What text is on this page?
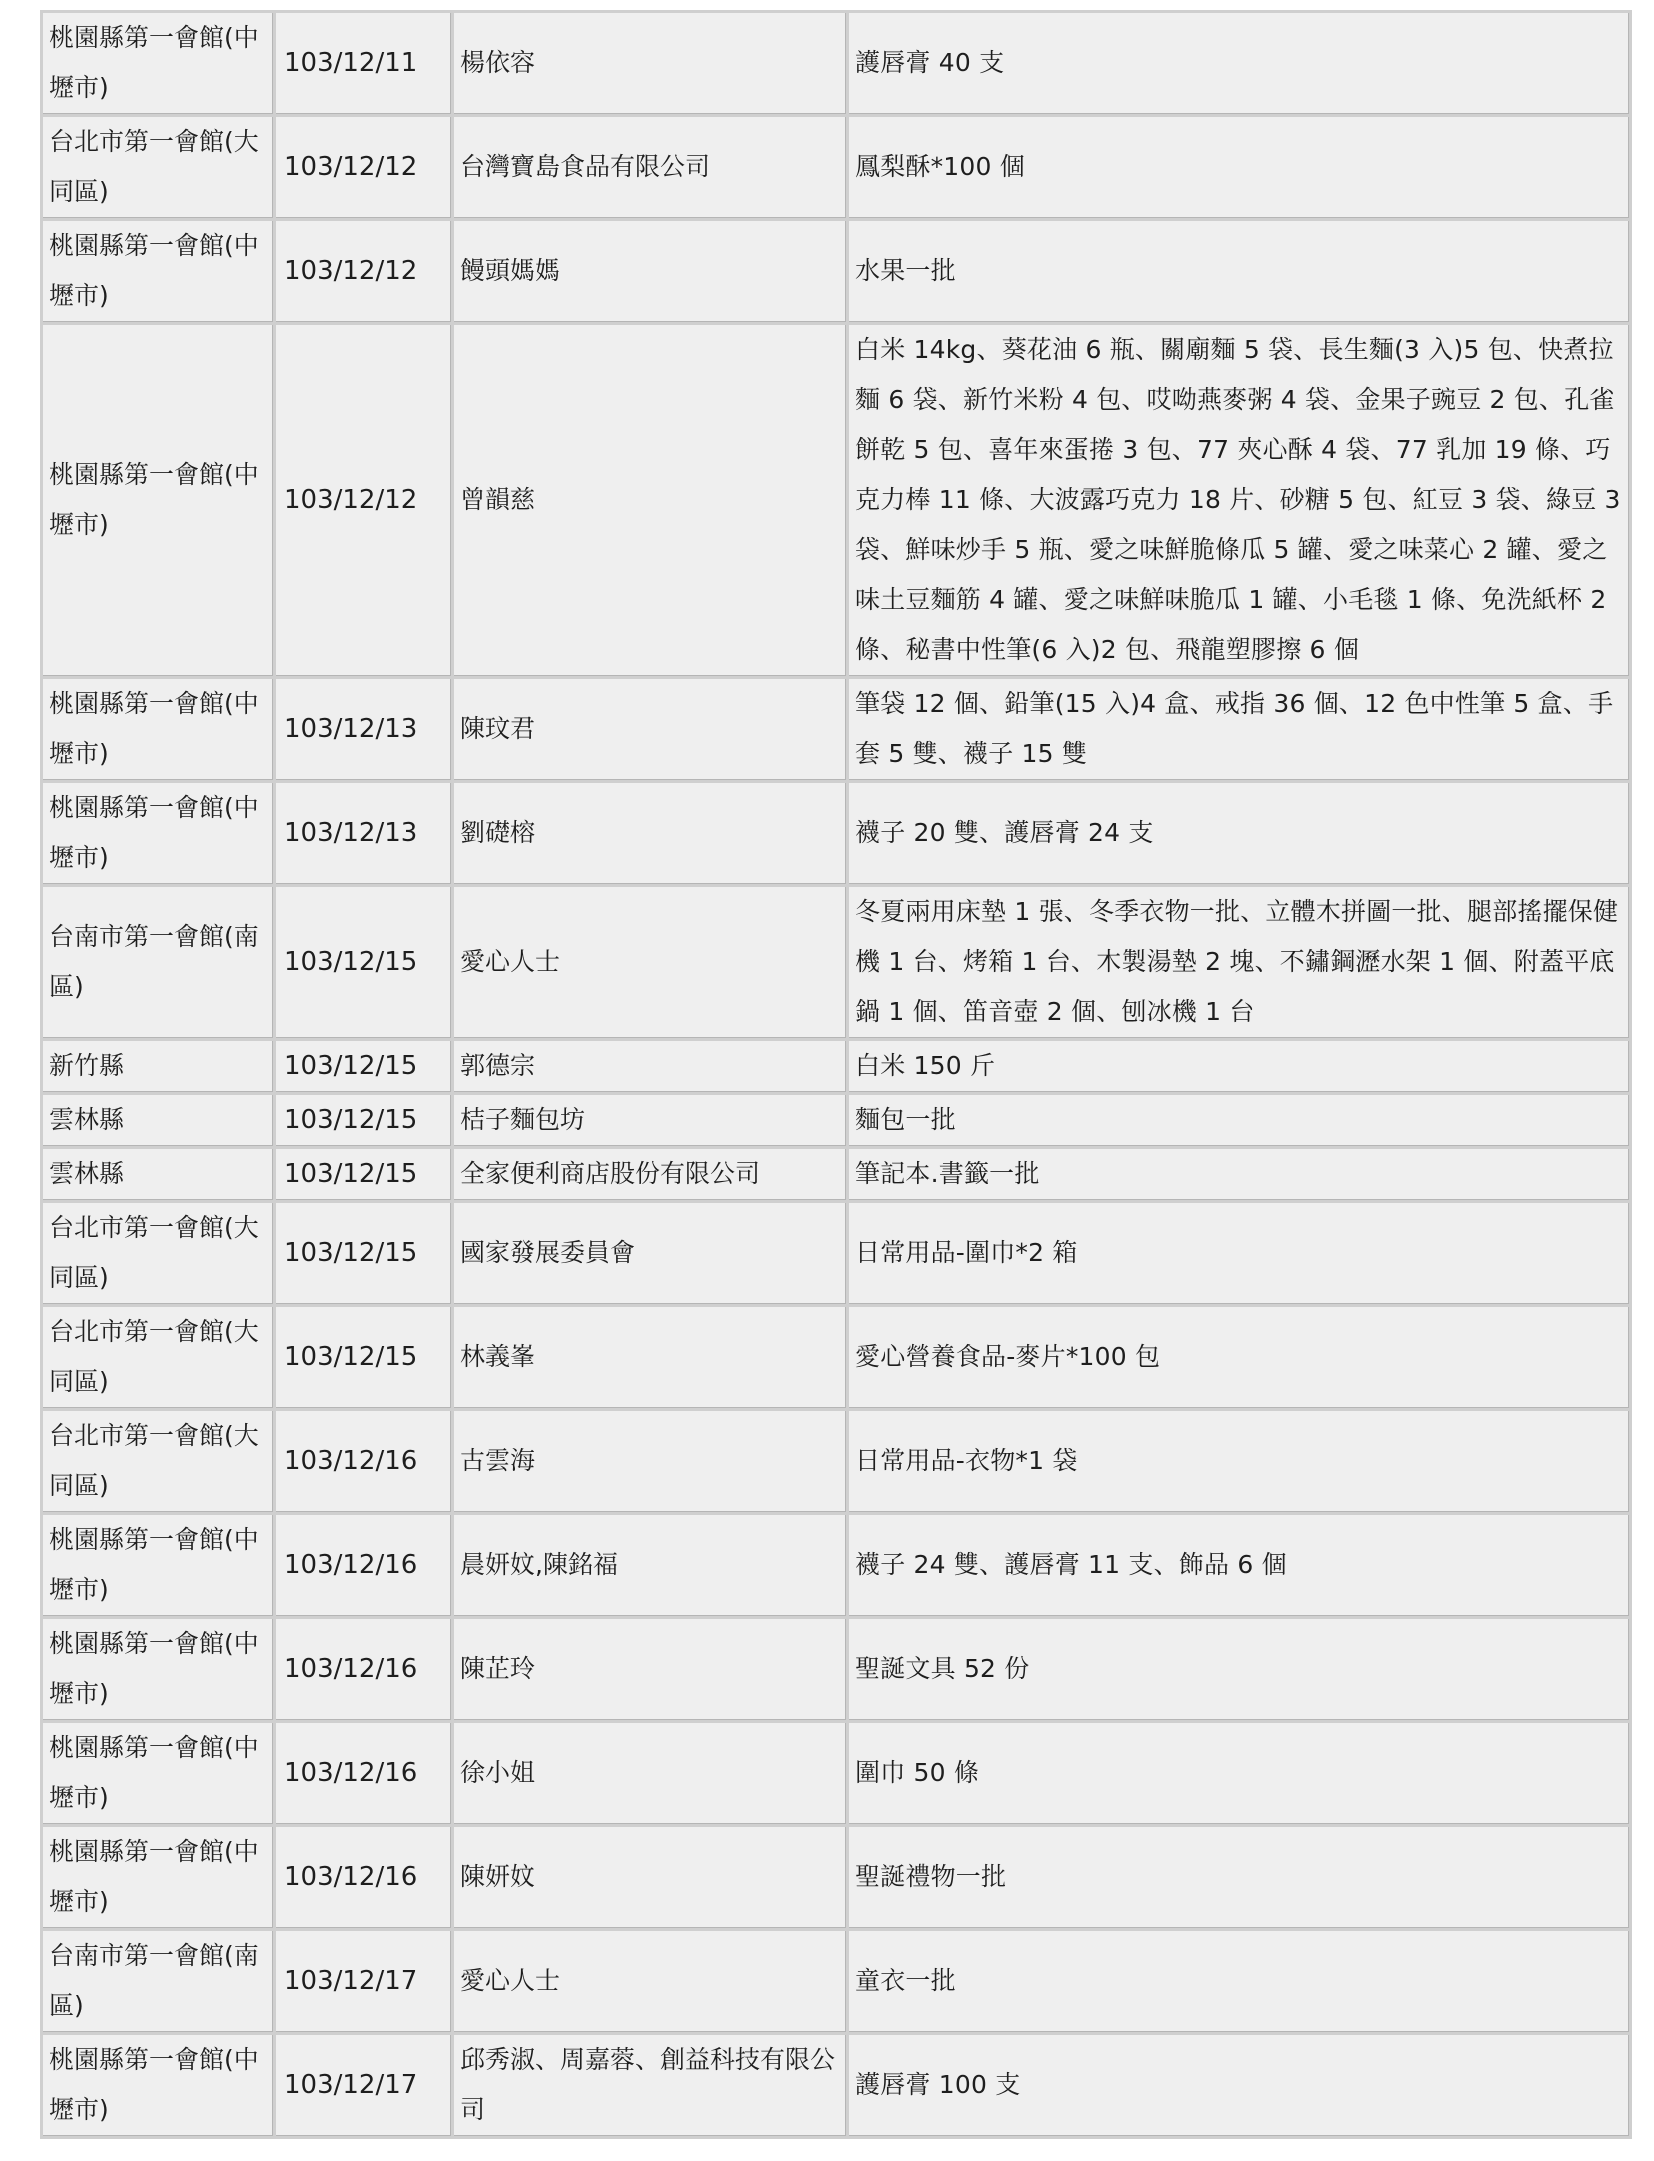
桃園縣第一會館(中壢市)	103/12/11	楊依容	護唇膏 40 支
台北市第一會館(大同區)	103/12/12	台灣寶島食品有限公司	鳳梨酥*100 個
桃園縣第一會館(中壢市)	103/12/12	饅頭媽媽	水果一批
桃園縣第一會館(中壢市)	103/12/12	曾韻慈	白米 14kg、葵花油 6 瓶、關廟麵 5 袋、長生麵(3 入)5 包、快煮拉麵 6 袋、新竹米粉 4 包、哎呦燕麥粥 4 袋、金果子豌豆 2 包、孔雀餅乾 5 包、喜年來蛋捲 3 包、77 夾心酥 4 袋、77 乳加 19 條、巧克力棒 11 條、大波露巧克力 18 片、砂糖 5 包、紅豆 3 袋、綠豆 3 袋、鮮味炒手 5 瓶、愛之味鮮脆條瓜 5 罐、愛之味菜心 2 罐、愛之味土豆麵筋 4 罐、愛之味鮮味脆瓜 1 罐、小毛毯 1 條、免洗紙杯 2 條、秘書中性筆(6 入)2 包、飛龍塑膠擦 6 個
桃園縣第一會館(中壢市)	103/12/13	陳玟君	筆袋 12 個、鉛筆(15 入)4 盒、戒指 36 個、12 色中性筆 5 盒、手套 5 雙、襪子 15 雙
桃園縣第一會館(中壢市)	103/12/13	劉礎榕	襪子 20 雙、護唇膏 24 支
台南市第一會館(南區)	103/12/15	愛心人士	冬夏兩用床墊 1 張、冬季衣物一批、立體木拼圖一批、腿部搖擺保健機 1 台、烤箱 1 台、木製湯墊 2 塊、不鏽鋼瀝水架 1 個、附蓋平底鍋 1 個、笛音壺 2 個、刨冰機 1 台
新竹縣	103/12/15	郭德宗	白米 150 斤
雲林縣	103/12/15	桔子麵包坊	麵包一批
雲林縣	103/12/15	全家便利商店股份有限公司	筆記本.書籤一批
台北市第一會館(大同區)	103/12/15	國家發展委員會	日常用品-圍巾*2 箱
台北市第一會館(大同區)	103/12/15	林義峯	愛心營養食品-麥片*100 包
台北市第一會館(大同區)	103/12/16	古雲海	日常用品-衣物*1 袋
桃園縣第一會館(中壢市)	103/12/16	晨妍妏,陳銘福	襪子 24 雙、護唇膏 11 支、飾品 6 個
桃園縣第一會館(中壢市)	103/12/16	陳芷玲	聖誕文具 52 份
桃園縣第一會館(中壢市)	103/12/16	徐小姐	圍巾 50 條
桃園縣第一會館(中壢市)	103/12/16	陳妍妏	聖誕禮物一批
台南市第一會館(南區)	103/12/17	愛心人士	童衣一批
桃園縣第一會館(中壢市)	103/12/17	邱秀淑、周嘉蓉、創益科技有限公司	護唇膏 100 支
